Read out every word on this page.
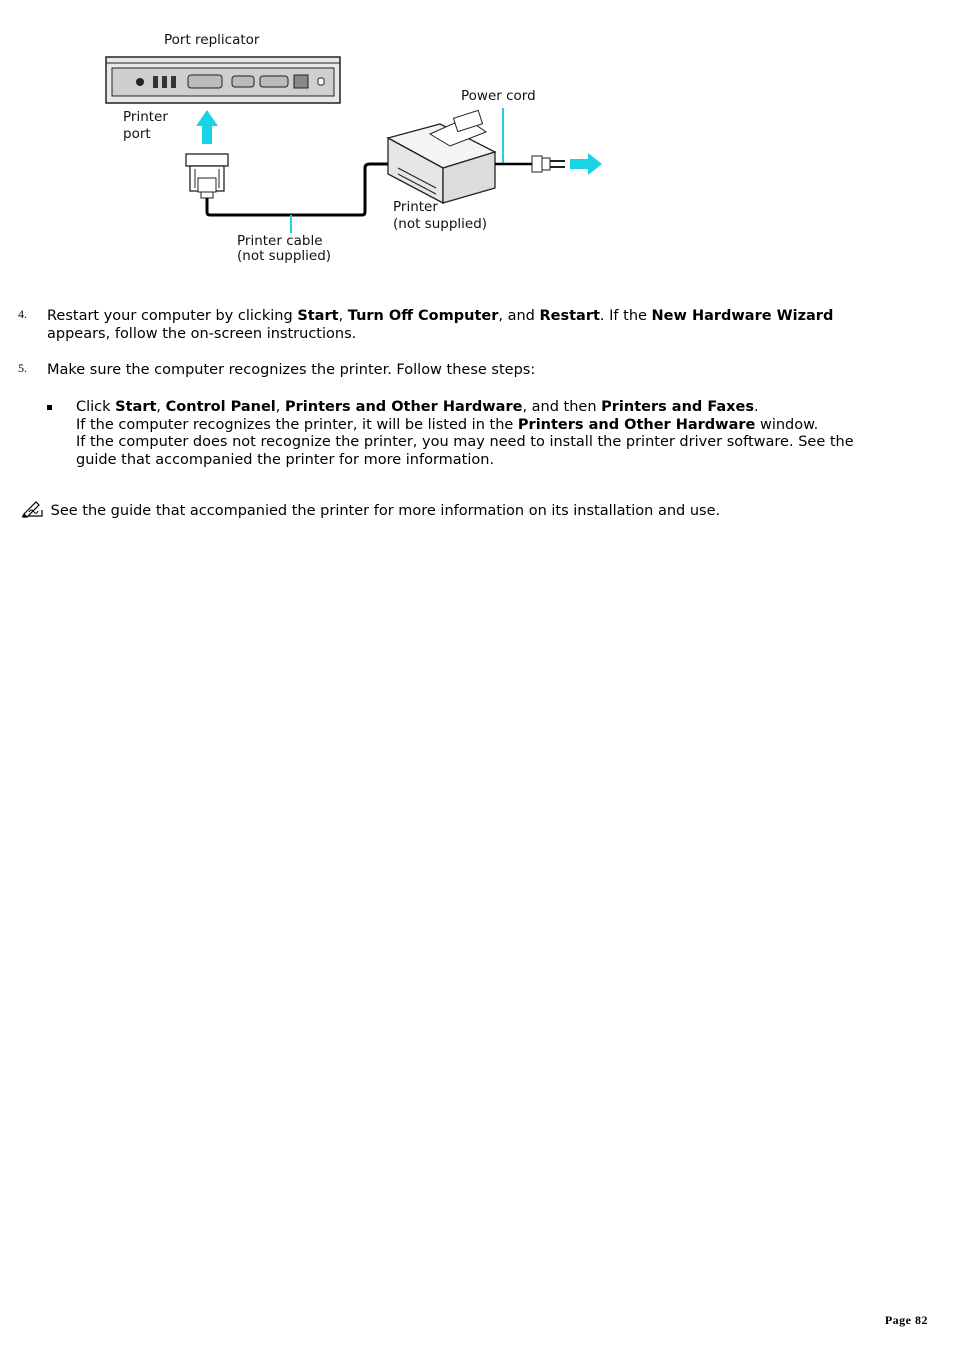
Port replicator
Printer
port
Power cord
Printer
(not supplied)
Printer cable
(not supplied)
4. Restart your computer by clicking Start, Turn Off Computer, and Restart. If the New Hardware Wizard appears, follow the on-screen instructions.
5. Make sure the computer recognizes the printer. Follow these steps:
Click Start, Control Panel, Printers and Other Hardware, and then Printers and Faxes.
If the computer recognizes the printer, it will be listed in the Printers and Other Hardware window.
If the computer does not recognize the printer, you may need to install the printer driver software. See the guide that accompanied the printer for more information.
See the guide that accompanied the printer for more information on its installation and use.
Page 82
